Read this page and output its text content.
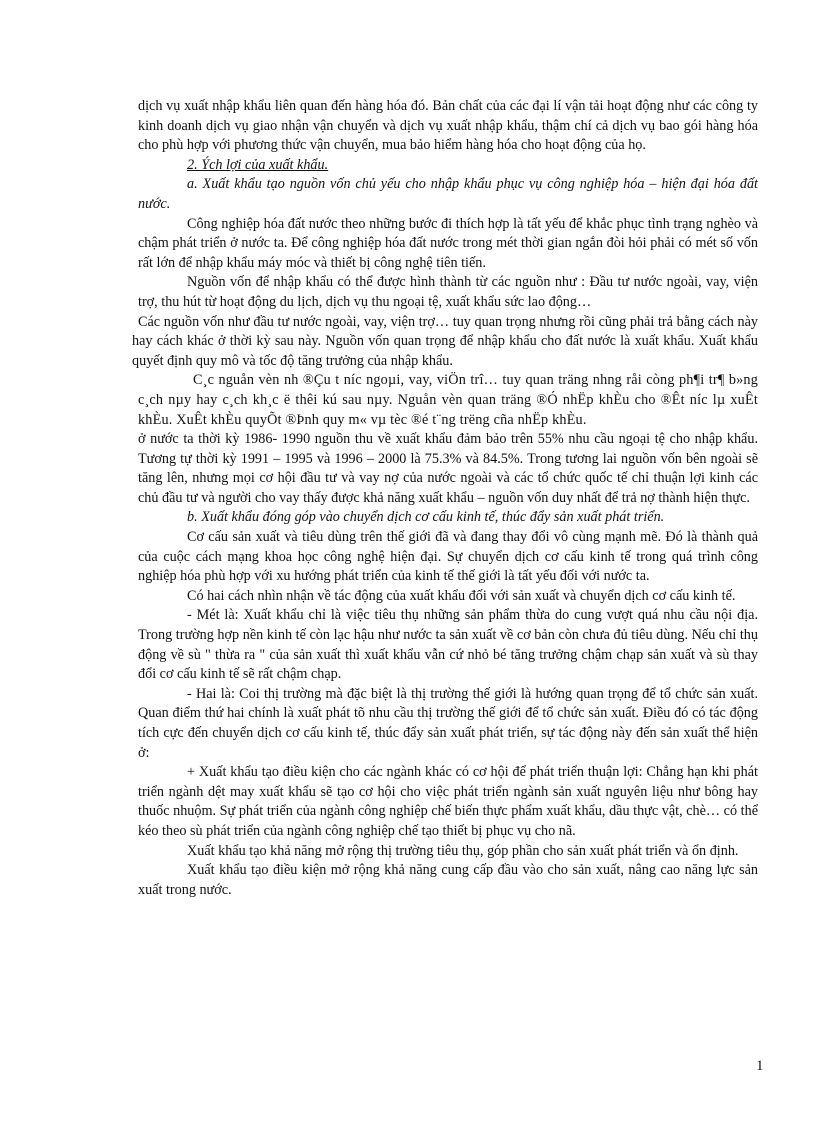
dịch vụ xuất nhập khẩu liên quan đến hàng hóa đó. Bản chất của các đại lí vận tải hoạt động như các công ty kinh doanh dịch vụ giao nhận vận chuyển và dịch vụ xuất nhập khẩu, thậm chí cả dịch vụ bao gói hàng hóa cho phù hợp với phương thức vận chuyển, mua bảo hiểm hàng hóa cho hoạt động của họ.

2. Ých lợi của xuất khẩu.

a. Xuất khẩu tạo nguồn vốn chủ yếu cho nhập khẩu phục vụ công nghiệp hóa – hiện đại hóa đất nước.

Công nghiệp hóa đất nước theo những bước đi thích hợp là tất yếu để khắc phục tình trạng nghèo và chậm phát triển ở nước ta. Để công nghiệp hóa đất nước trong mét thời gian ngắn đòi hỏi phải có mét số vốn rất lớn để nhập khẩu máy móc và thiết bị công nghệ tiên tiến.

Nguồn vốn để nhập khẩu có thể được hình thành từ các nguồn như : Đầu tư nước ngoài, vay, viện trợ, thu hút từ hoạt động du lịch, dịch vụ thu ngoại tệ, xuất khẩu sức lao động…

Các nguồn vốn như đầu tư nước ngoài, vay, viện trợ… tuy quan trọng nhưng rồi cũng phải trả bằng cách này hay cách khác ở thời kỳ sau này. Nguồn vốn quan trọng để nhập khẩu cho đất nước là xuất khẩu. Xuất khẩu quyết định quy mô và tốc độ tăng trưởng của nhập khẩu.

C¸c nguån vèn nh ®Çu t níc ngoµi, vay, viÖn trî… tuy quan träng nhng råi còng ph¶i tr¶ b»ng c¸ch nµy hay c¸ch kh¸c ë thêi kú sau nµy. Nguån vèn quan träng ®Ó nhËp khÈu cho ®Êt níc lµ xuÊt khÈu. XuÊt khÈu quyÕt ®Þnh quy m« vµ tèc ®é t¨ng trëng cña nhËp khÈu.

ở nước ta thời kỳ 1986- 1990 nguồn thu về xuất khẩu đảm bảo trên 55% nhu cầu ngoại tệ cho nhập khẩu. Tương tự thời kỳ 1991 – 1995 và 1996 – 2000 là 75.3% và 84.5%. Trong tương lai nguồn vốn bên ngoài sẽ tăng lên, nhưng mọi cơ hội đầu tư và vay nợ của nước ngoài và các tổ chức quốc tế chỉ thuận lợi kinh các chủ đầu tư và người cho vay thấy được khả năng xuất khẩu – nguồn vốn duy nhất để trả nợ thành hiện thực.

b. Xuất khẩu đóng góp vào chuyển dịch cơ cấu kinh tế, thúc đẩy sản xuất phát triển.

Cơ cấu sản xuất và tiêu dùng trên thế giới đã và đang thay đổi vô cùng mạnh mẽ. Đó là thành quả của cuộc cách mạng khoa học công nghệ hiện đại. Sự chuyển dịch cơ cấu kinh tế trong quá trình công nghiệp hóa phù hợp với xu hướng phát triển của kinh tế thế giới là tất yếu đối với nước ta.

Có hai cách nhìn nhận về tác động của xuất khẩu đối với sản xuất và chuyển dịch cơ cấu kinh tế.

- Mét là: Xuất khẩu chỉ là việc tiêu thụ những sản phẩm thừa do cung vượt quá nhu cầu nội địa. Trong trường hợp nền kinh tế còn lạc hậu như nước ta sản xuất về cơ bản còn chưa đủ tiêu dùng. Nếu chỉ thụ động về sù " thừa ra " của sản xuất thì xuất khẩu vẫn cứ nhỏ bé tăng trưởng chậm chạp sản xuất và sù thay đổi cơ cấu kinh tế sẽ rất chậm chạp.

- Hai là: Coi thị trường mà đặc biệt là thị trường thế giới là hướng quan trọng để tổ chức sản xuất. Quan điểm thứ hai chính là xuất phát tõ nhu cầu thị trường thế giới để tổ chức sản xuất. Điều đó có tác động tích cực đến chuyển dịch cơ cấu kinh tế, thúc đẩy sản xuất phát triển, sự tác động này đến sản xuất thể hiện ở:

+ Xuất khẩu tạo điều kiện cho các ngành khác có cơ hội để phát triển thuận lợi: Chẳng hạn khi phát triển ngành dệt may xuất khẩu sẽ tạo cơ hội cho việc phát triển ngành sản xuất nguyên liệu như bông hay thuốc nhuộm. Sự phát triển của ngành công nghiệp chế biến thực phẩm xuất khẩu, dầu thực vật, chè… có thể kéo theo sù phát triển của ngành công nghiệp chế tạo thiết bị phục vụ cho nã.

Xuất khẩu tạo khả năng mở rộng thị trường tiêu thụ, góp phần cho sản xuất phát triển và ổn định.

Xuất khẩu tạo điều kiện mở rộng khả năng cung cấp đầu vào cho sản xuất, nâng cao năng lực sản xuất trong nước.

1
